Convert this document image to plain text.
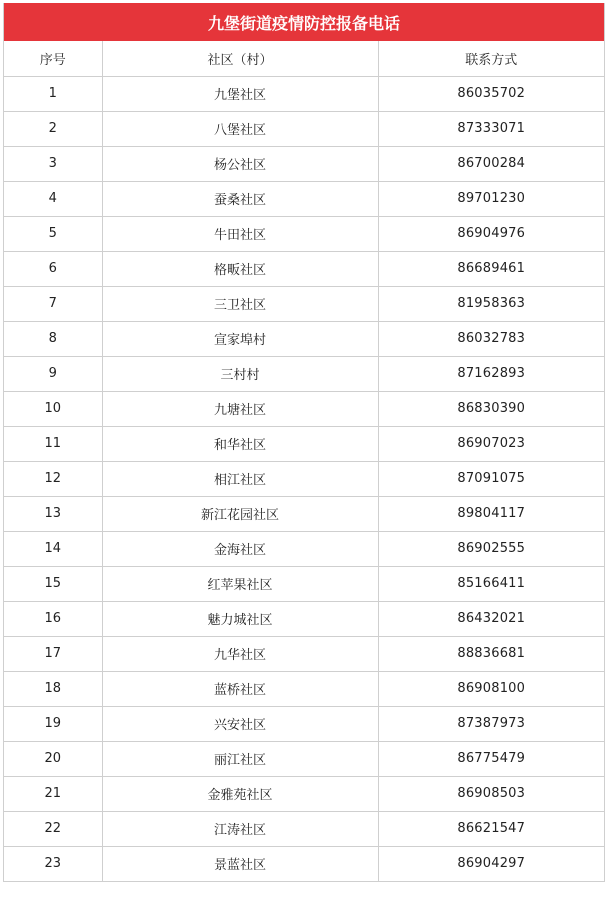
九堡街道疫情防控报备电话
序号	社区（村）	联系方式
1	九堡社区	86035702
2	八堡社区	87333071
3	杨公社区	86700284
4	蚕桑社区	89701230
5	牛田社区	86904976
6	格畈社区	86689461
7	三卫社区	81958363
8	宣家埠村	86032783
9	三村村	87162893
10	九塘社区	86830390
11	和华社区	86907023
12	相江社区	87091075
13	新江花园社区	89804117
14	金海社区	86902555
15	红苹果社区	85166411
16	魅力城社区	86432021
17	九华社区	88836681
18	蓝桥社区	86908100
19	兴安社区	87387973
20	丽江社区	86775479
21	金雅苑社区	86908503
22	江涛社区	86621547
23	景蓝社区	86904297
